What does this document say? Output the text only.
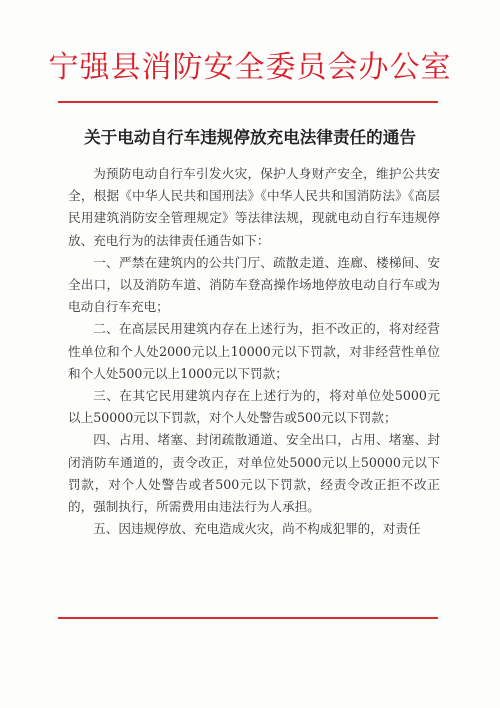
宁强县消防安全委员会办公室
关于电动自行车违规停放充电法律责任的通告

为预防电动自行车引发火灾，保护人身财产安全，维护公共安全，根据《中华人民共和国刑法》《中华人民共和国消防法》《高层民用建筑消防安全管理规定》等法律法规，现就电动自行车违规停放、充电行为的法律责任通告如下：

一、严禁在建筑内的公共门厅、疏散走道、连廊、楼梯间、安全出口，以及消防车道、消防车登高操作场地停放电动自行车或为电动自行车充电；

二、在高层民用建筑内存在上述行为，拒不改正的，将对经营性单位和个人处2000元以上10000元以下罚款，对非经营性单位和个人处500元以上1000元以下罚款；

三、在其它民用建筑内存在上述行为的，将对单位处5000元以上50000元以下罚款，对个人处警告或500元以下罚款；

四、占用、堵塞、封闭疏散通道、安全出口，占用、堵塞、封闭消防车通道的，责令改正，对单位处5000元以上50000元以下罚款，对个人处警告或者500元以下罚款，经责令改正拒不改正的，强制执行，所需费用由违法行为人承担。

五、因违规停放、充电造成火灾，尚不构成犯罪的，对责任
